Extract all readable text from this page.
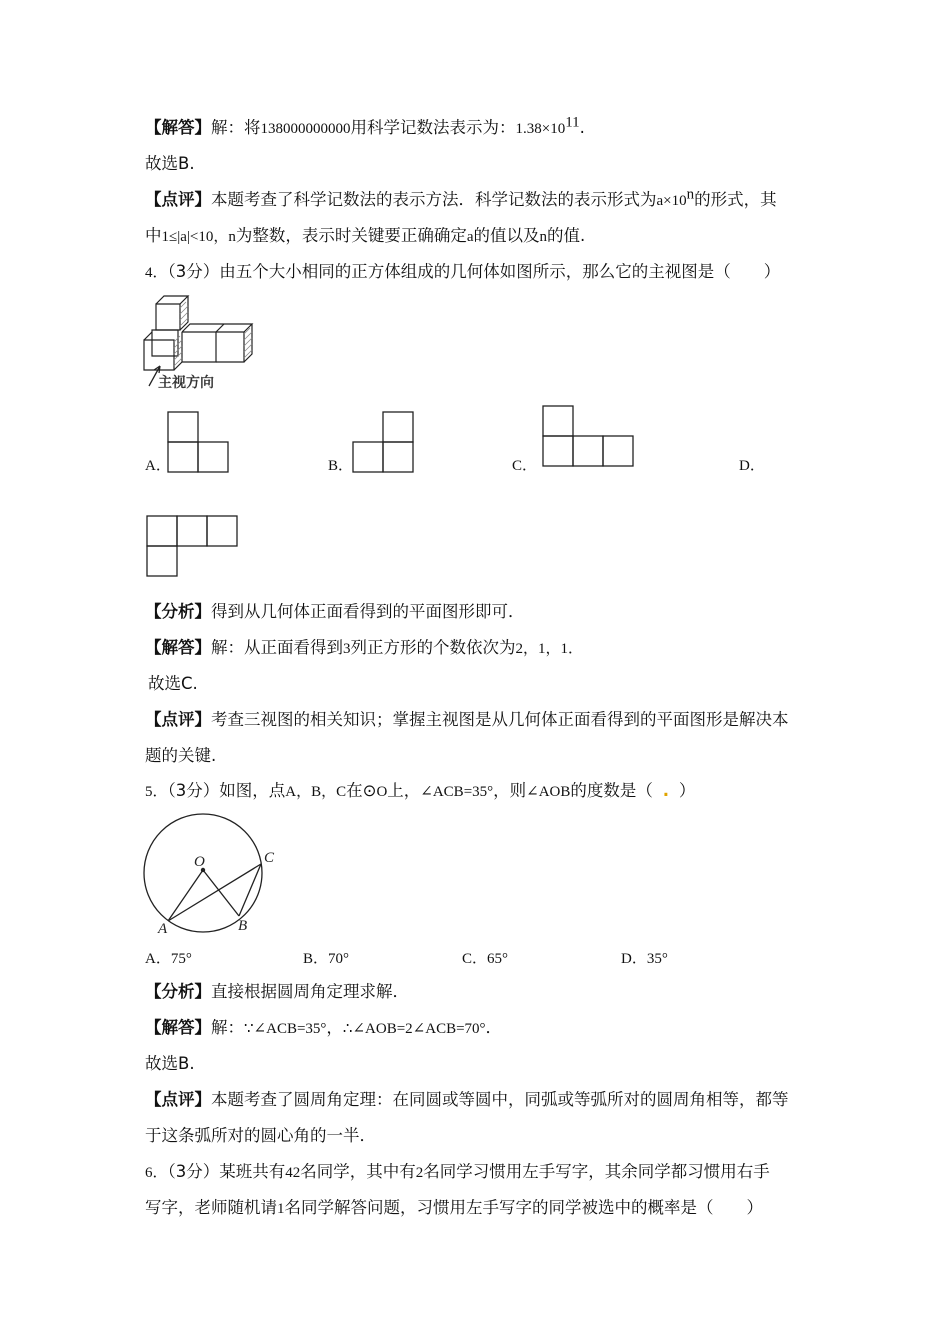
【解答】解：将138000000000用科学记数法表示为：$1.38\times 10^{11}$.
故选B.
【点评】本题考查了科学记数法的表示方法．科学记数法的表示形式为$a\times 10^n$的形式，其
中1≤|a|<10，n为整数，表示时关键要正确确定a的值以及n的值.
4．（3分）由五个大小相同的正方体组成的几何体如图所示，那么它的主视图是（　　）
主视方向
A．	B．	C．	D．
【分析】得到从几何体正面看得到的平面图形即可．
【解答】解：从正面看得到3列正方形的个数依次为2，1，1．
故选C.
【点评】考查三视图的相关知识；掌握主视图是从几何体正面看得到的平面图形是解决本
题的关键.
5．（3分）如图，点A，B，C在⊙O上，∠ACB=35°，则∠AOB的度数是（ . ）
O	C
A	B
A．75°	B．70°	C．65°	D．35°
【分析】直接根据圆周角定理求解．
【解答】解：∵∠ACB=35°，∴∠AOB=2∠ACB=70°．
故选B.
【点评】本题考查了圆周角定理：在同圆或等圆中，同弧或等弧所对的圆周角相等，都等
于这条弧所对的圆心角的一半．
6．（3分）某班共有42名同学，其中有2名同学习惯用左手写字，其余同学都习惯用右手
写字，老师随机请1名同学解答问题，习惯用左手写字的同学被选中的概率是（　　）
